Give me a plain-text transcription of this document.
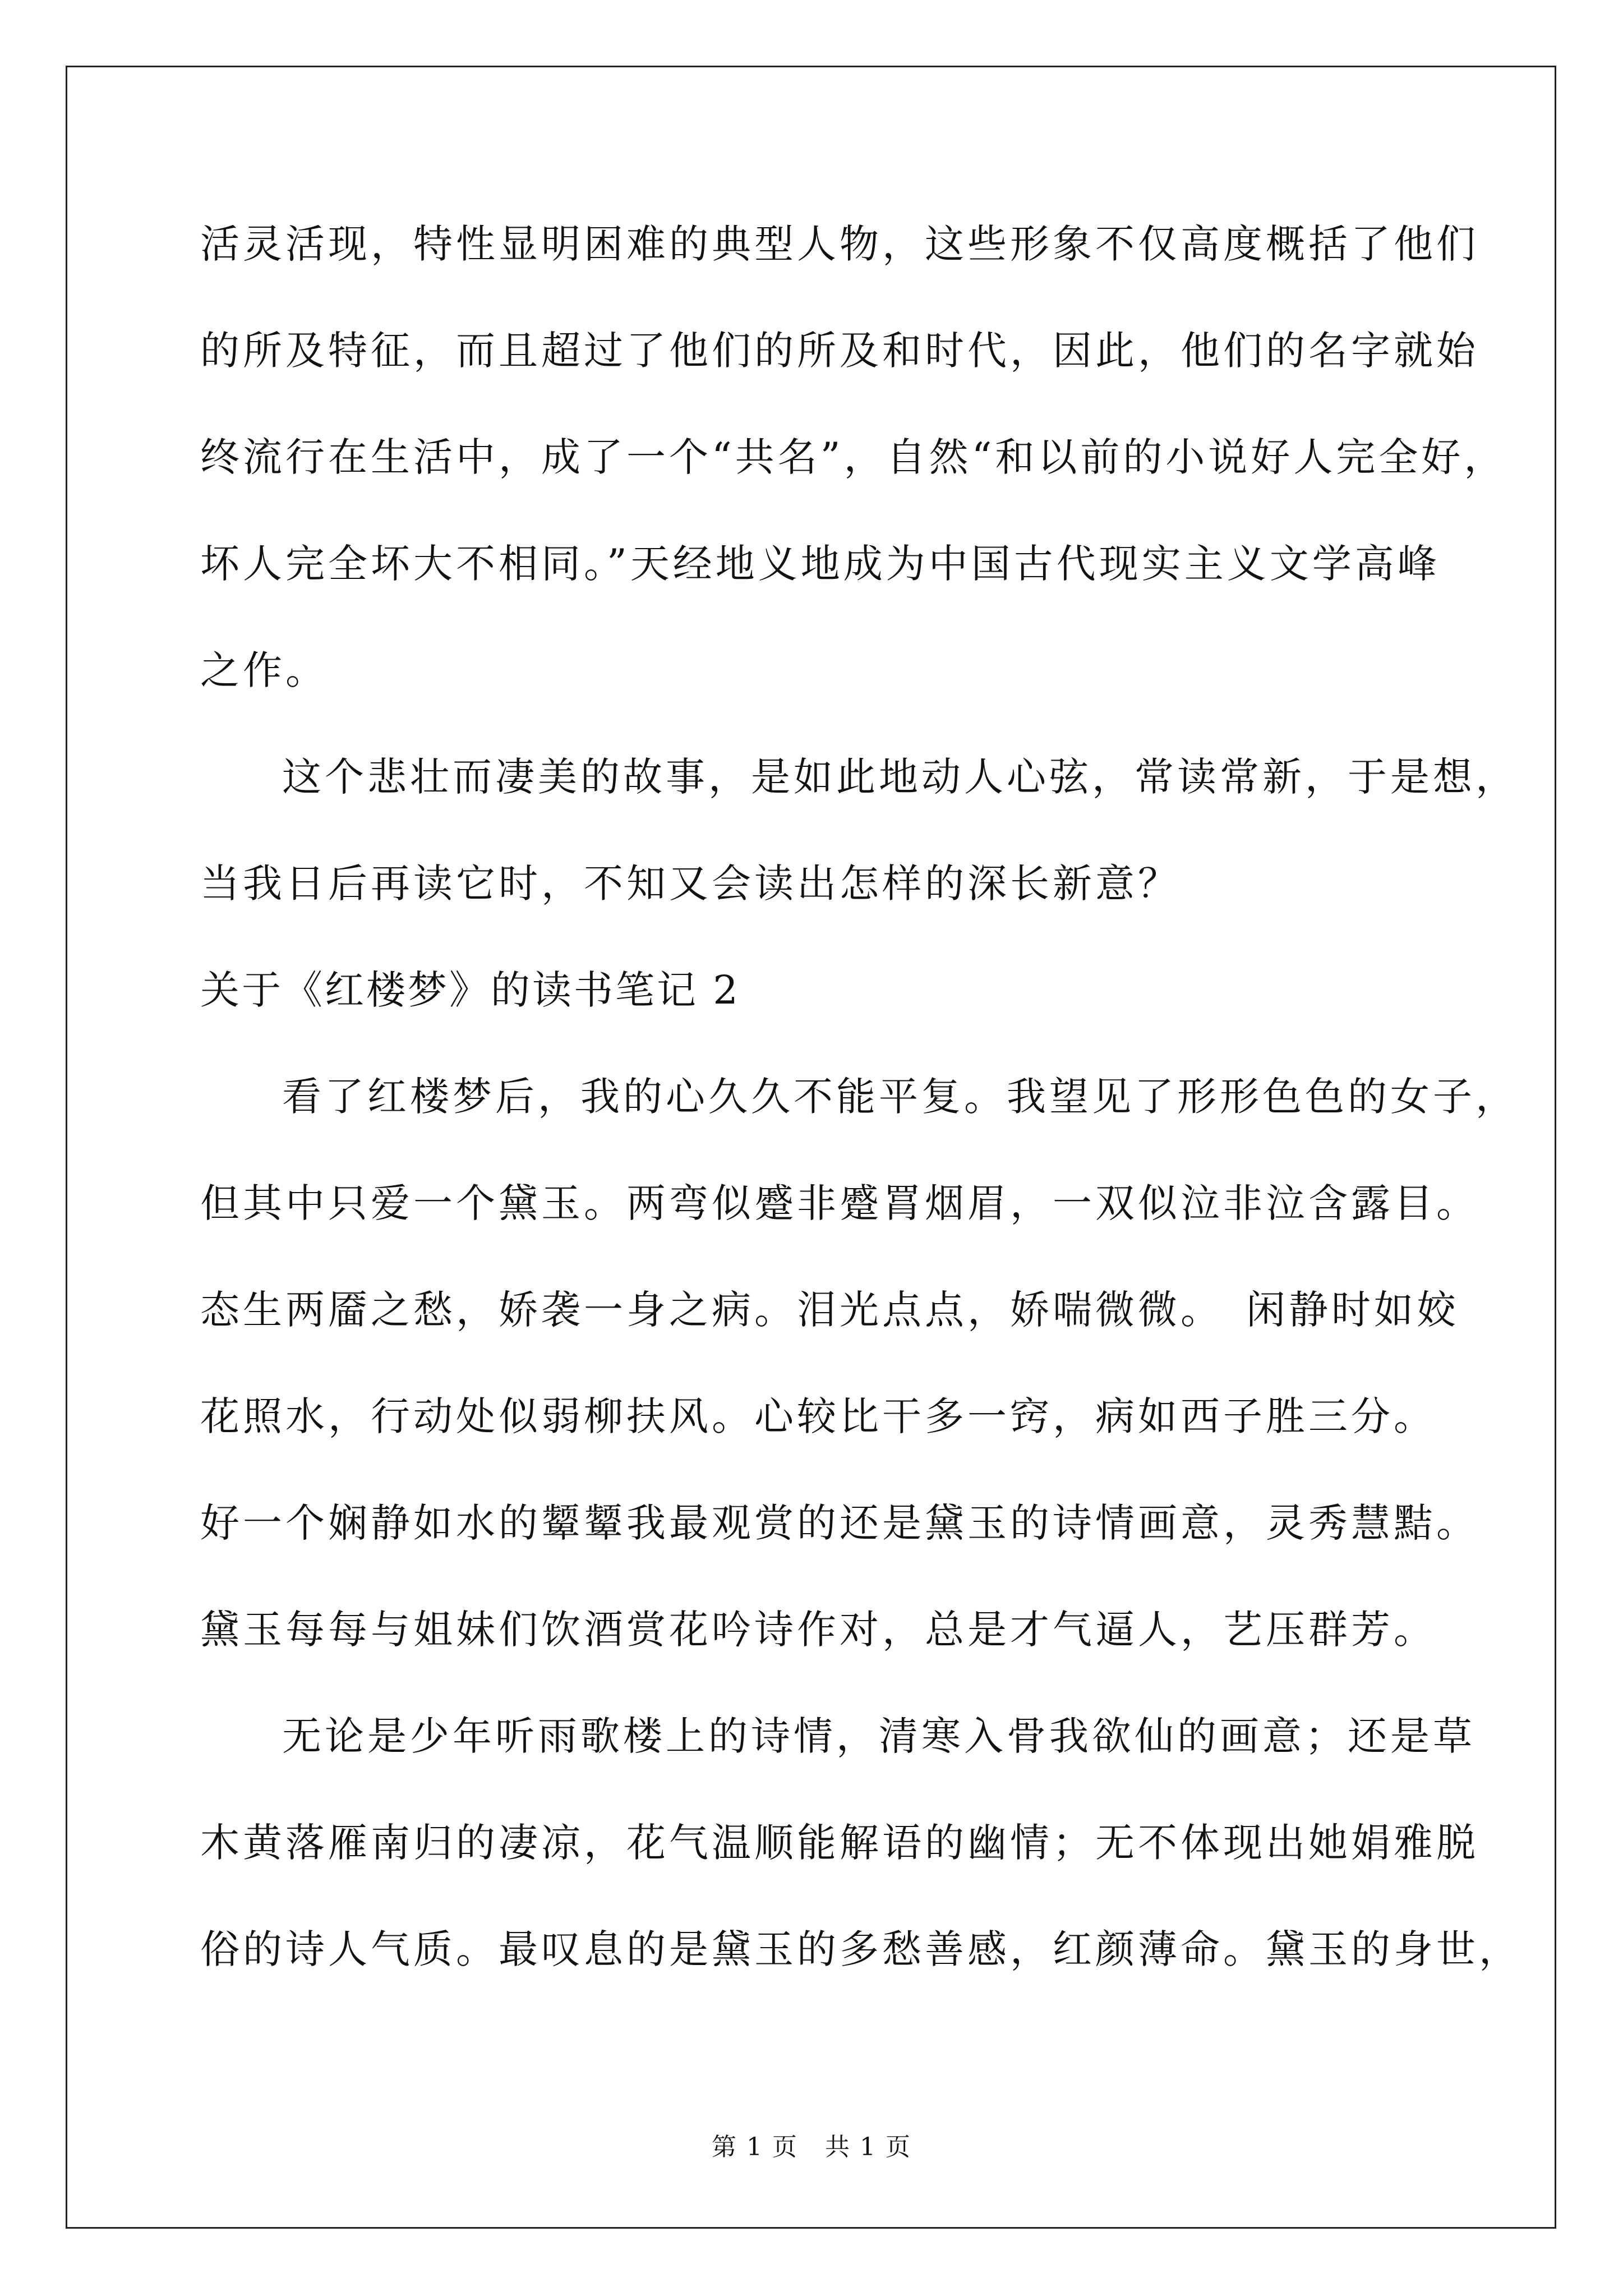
活灵活现，特性显明困难的典型人物，这些形象不仅高度概括了他们
的所及特征，而且超过了他们的所及和时代，因此，他们的名字就始
终流行在生活中，成了一个“共名”，自然“和以前的小说好人完全好，
坏人完全坏大不相同。”天经地义地成为中国古代现实主义文学高峰
之作。
这个悲壮而凄美的故事，是如此地动人心弦，常读常新，于是想，
当我日后再读它时，不知又会读出怎样的深长新意？
关于《红楼梦》的读书笔记 2
看了红楼梦后，我的心久久不能平复。我望见了形形色色的女子，
但其中只爱一个黛玉。两弯似蹙非蹙罥烟眉，一双似泣非泣含露目。
态生两靥之愁，娇袭一身之病。泪光点点，娇喘微微。　闲静时如姣
花照水，行动处似弱柳扶风。心较比干多一窍，病如西子胜三分。
好一个娴静如水的颦颦我最观赏的还是黛玉的诗情画意，灵秀慧黠。
黛玉每每与姐妹们饮酒赏花吟诗作对，总是才气逼人，艺压群芳。
无论是少年听雨歌楼上的诗情，清寒入骨我欲仙的画意；还是草
木黄落雁南归的凄凉，花气温顺能解语的幽情；无不体现出她娟雅脱
俗的诗人气质。最叹息的是黛玉的多愁善感，红颜薄命。黛玉的身世，
第 1 页 共 1 页
